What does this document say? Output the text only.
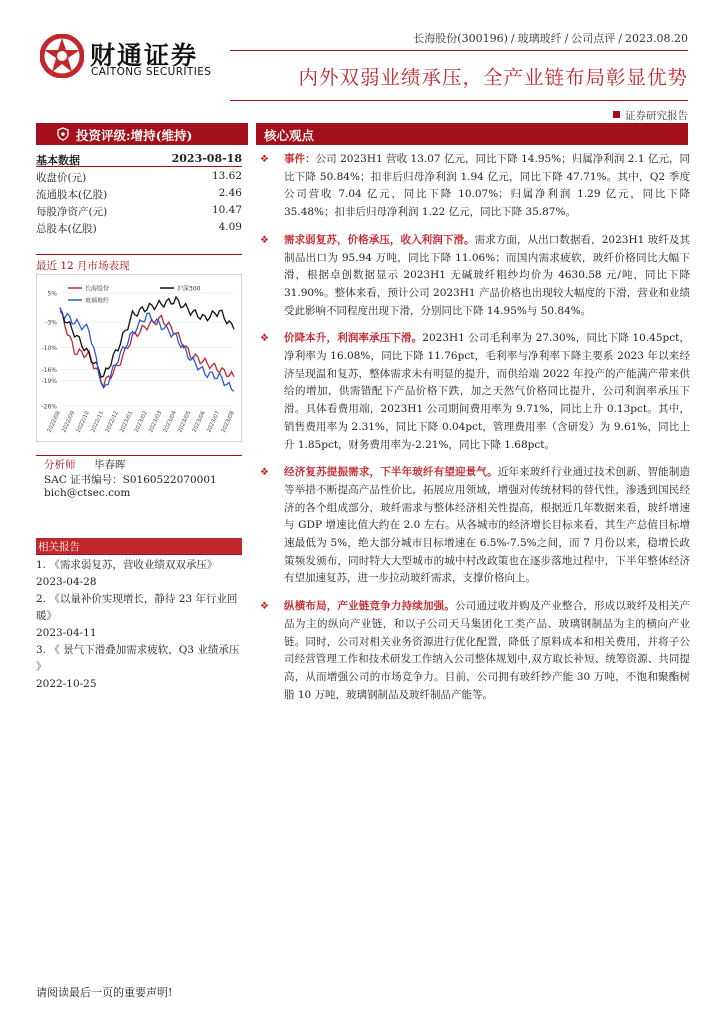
财通证券
CAITONG SECURITIES
长海股份(300196) / 玻璃玻纤 / 公司点评 / 2023.08.20
内外双弱业绩承压，全产业链布局彰显优势
证券研究报告
投资评级:增持(维持)	核心观点
基本数据	2023-08-18
收盘价(元)	13.62
流通股本(亿股)	2.46
每股净资产(元)	10.47
总股本(亿股)	4.09
最近 12 月市场表现
5%
-3%
-10%
-16%
-19%
-26%
2022/08 2022/09 2022/10 2022/11 2022/12 2023/01 2023/02 2023/03 2023/04 2023/05 2023/06 2023/07 2023/08
长海股份	沪深300
玻璃玻纤
分析师 毕春晖
SAC 证书编号：S0160522070001
bich@ctsec.com
相关报告
1. 《需求弱复苏，营收业绩双双承压》
2023-04-28
2. 《以量补价实现增长，静待 23 年行业回暖》
2023-04-11
3. 《 景气下滑叠加需求疲软，Q3 业绩承压 》
2022-10-25
❖ 事件：公司 2023H1 营收 13.07 亿元，同比下降 14.95%；归属净利润 2.1 亿元，同比下降 50.84%；扣非后归母净利润 1.94 亿元，同比下降 47.71%。其中，Q2 季度公司营收 7.04 亿元，同比下降 10.07%；归属净利润 1.29 亿元，同比下降 35.48%；扣非后归母净利润 1.22 亿元，同比下降 35.87%。
❖ 需求弱复苏，价格承压，收入利润下滑。需求方面，从出口数据看，2023H1 玻纤及其制品出口为 95.94 万吨，同比下降 11.06%；而国内需求疲软，玻纤价格同比大幅下滑，根据卓创数据显示 2023H1 无碱玻纤粗纱均价为 4630.58 元/吨，同比下降 31.90%。整体来看，预计公司 2023H1 产品价格也出现较大幅度的下滑，营业和业绩受此影响不同程度出现下滑，分别同比下降 14.95%与 50.84%。
❖ 价降本升，利润率承压下滑。2023H1 公司毛利率为 27.30%，同比下降 10.45pct，净利率为 16.08%，同比下降 11.76pct，毛利率与净利率下降主要系 2023 年以来经济呈现温和复苏，整体需求未有明显的提升，而供给端 2022 年投产的产能满产带来供给的增加，供需错配下产品价格下跌，加之天然气价格同比提升，公司利润率承压下滑。具体看费用端，2023H1 公司期间费用率为 9.71%，同比上升 0.13pct。其中，销售费用率为 2.31%，同比下降 0.04pct，管理费用率（含研发）为 9.61%，同比上升 1.85pct，财务费用率为-2.21%，同比下降 1.68pct。
❖ 经济复苏提振需求，下半年玻纤有望迎景气。近年来玻纤行业通过技术创新、智能制造等举措不断提高产品性价比，拓展应用领域，增强对传统材料的替代性，渗透到国民经济的各个组成部分，玻纤需求与整体经济相关性提高，根据近几年数据来看，玻纤增速与 GDP 增速比值大约在 2.0 左右。从各城市的经济增长目标来看，其生产总值目标增速最低为 5%，绝大部分城市目标增速在 6.5%-7.5%之间，而 7 月份以来，稳增长政策频发颁布，同时特大大型城市的城中村改政策也在逐步落地过程中，下半年整体经济有望加速复苏，进一步拉动玻纤需求，支撑价格向上。
❖ 纵横布局，产业链竞争力持续加强。公司通过收并购及产业整合，形成以玻纤及相关产品为主的纵向产业链，和以子公司天马集团化工类产品、玻璃钢制品为主的横向产业链。同时，公司对相关业务资源进行优化配置，降低了原料成本和相关费用，并将子公司经营管理工作和技术研发工作纳入公司整体规划中,双方取长补短、统筹资源、共同提高，从而增强公司的市场竞争力。目前，公司拥有玻纤纱产能 30 万吨，不饱和聚酯树脂 10 万吨，玻璃钢制品及玻纤制品产能等。
请阅读最后一页的重要声明!
